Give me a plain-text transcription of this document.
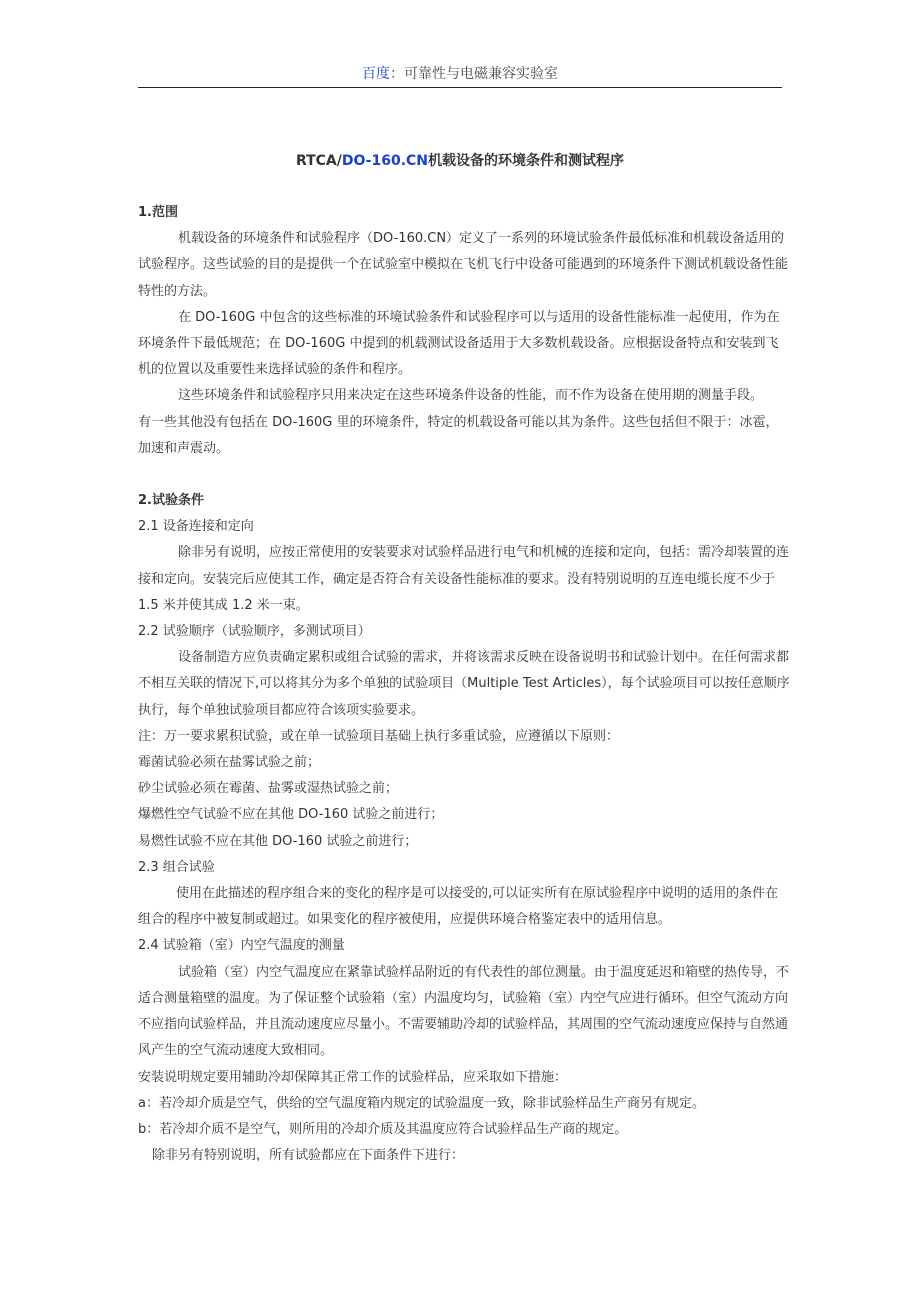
百度：可靠性与电磁兼容实验室
RTCA/DO-160.CN机载设备的环境条件和测试程序

1.范围

机载设备的环境条件和试验程序（DO-160.CN）定义了一系列的环境试验条件最低标准和机载设备适用的试验程序。这些试验的目的是提供一个在试验室中模拟在飞机飞行中设备可能遇到的环境条件下测试机载设备性能特性的方法。

在 DO-160G 中包含的这些标准的环境试验条件和试验程序可以与适用的设备性能标准一起使用，作为在环境条件下最低规范；在 DO-160G 中提到的机载测试设备适用于大多数机载设备。应根据设备特点和安装到飞机的位置以及重要性来选择试验的条件和程序。

这些环境条件和试验程序只用来决定在这些环境条件设备的性能，而不作为设备在使用期的测量手段。

有一些其他没有包括在 DO-160G 里的环境条件，特定的机载设备可能以其为条件。这些包括但不限于：冰雹，加速和声震动。

2.试验条件

2.1 设备连接和定向

除非另有说明，应按正常使用的安装要求对试验样品进行电气和机械的连接和定向，包括：需冷却装置的连接和定向。安装完后应使其工作，确定是否符合有关设备性能标准的要求。没有特别说明的互连电缆长度不少于 1.5 米并使其成 1.2 米一束。

2.2 试验顺序（试验顺序，多测试项目）

设备制造方应负责确定累积或组合试验的需求，并将该需求反映在设备说明书和试验计划中。在任何需求都不相互关联的情况下,可以将其分为多个单独的试验项目（Multiple Test Articles），每个试验项目可以按任意顺序执行，每个单独试验项目都应符合该项实验要求。

注：万一要求累积试验，或在单一试验项目基础上执行多重试验，应遵循以下原则：

霉菌试验必须在盐雾试验之前；

砂尘试验必须在霉菌、盐雾或湿热试验之前；

爆燃性空气试验不应在其他 DO-160 试验之前进行；

易燃性试验不应在其他 DO-160 试验之前进行；

2.3 组合试验

使用在此描述的程序组合来的变化的程序是可以接受的,可以证实所有在原试验程序中说明的适用的条件在组合的程序中被复制或超过。如果变化的程序被使用，应提供环境合格鉴定表中的适用信息。

2.4 试验箱（室）内空气温度的测量

试验箱（室）内空气温度应在紧靠试验样品附近的有代表性的部位测量。由于温度延迟和箱壁的热传导，不适合测量箱壁的温度。为了保证整个试验箱（室）内温度均匀，试验箱（室）内空气应进行循环。但空气流动方向不应指向试验样品，并且流动速度应尽量小。不需要辅助冷却的试验样品，其周围的空气流动速度应保持与自然通风产生的空气流动速度大致相同。

安装说明规定要用辅助冷却保障其正常工作的试验样品，应采取如下措施：

a：若冷却介质是空气，供给的空气温度箱内规定的试验温度一致，除非试验样品生产商另有规定。

b：若冷却介质不是空气，则所用的冷却介质及其温度应符合试验样品生产商的规定。

除非另有特别说明，所有试验都应在下面条件下进行：
